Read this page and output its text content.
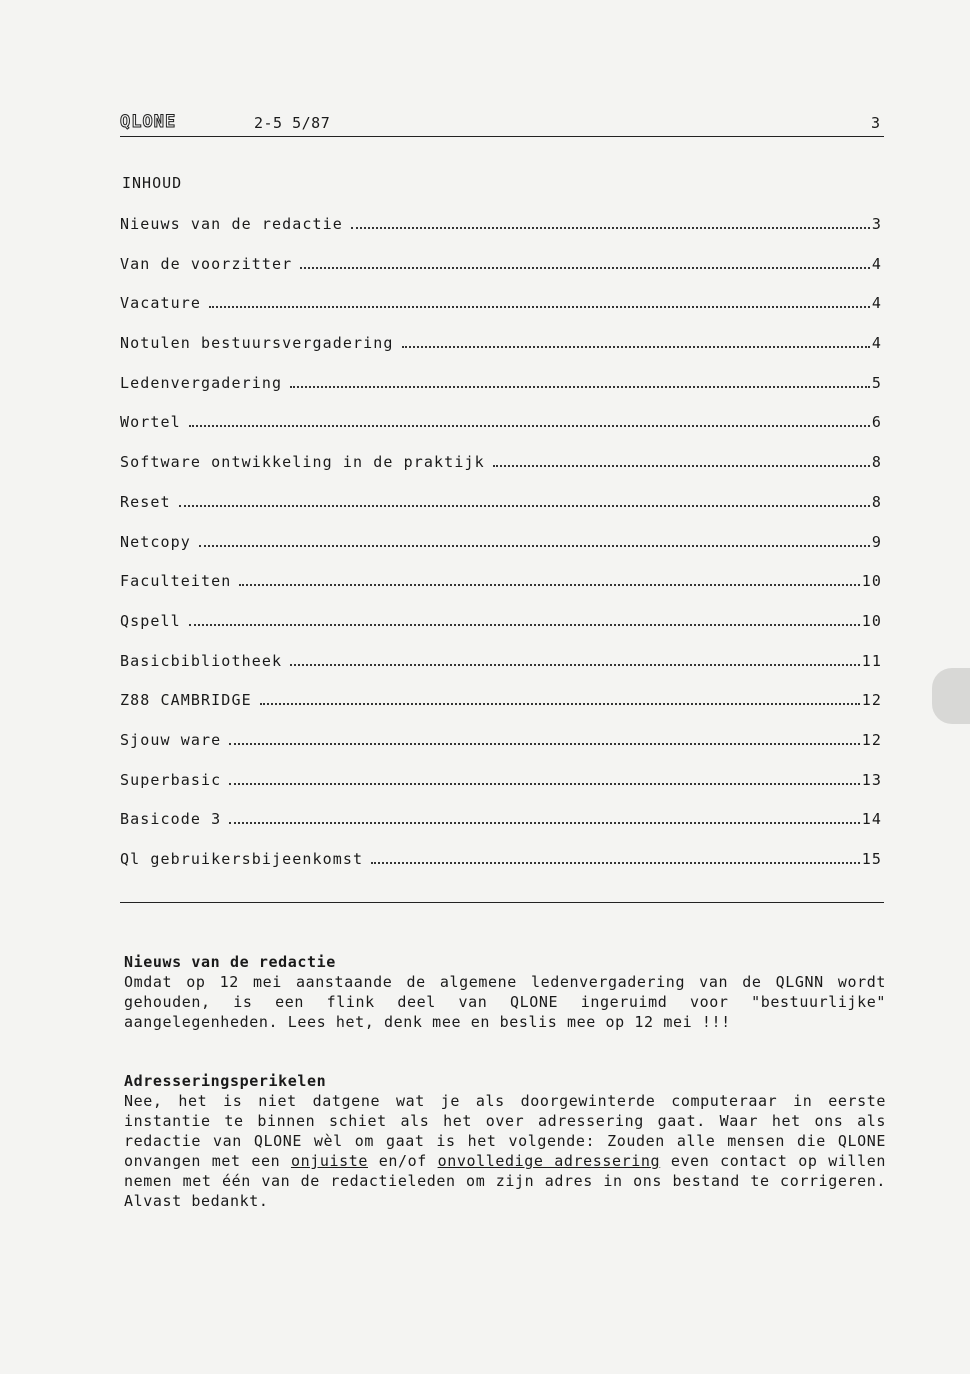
QLONE	2-5 5/87	3
INHOUD
Nieuws van de redactie	3
Van de voorzitter	4
Vacature	4
Notulen bestuursvergadering	4
Ledenvergadering	5
Wortel	6
Software ontwikkeling in de praktijk	8
Reset	8
Netcopy	9
Faculteiten	10
Qspell	10
Basicbibliotheek	11
Z88 CAMBRIDGE	12
Sjouw ware	12
Superbasic	13
Basicode 3	14
Ql gebruikersbijeenkomst	15
Nieuws van de redactie

Omdat op 12 mei aanstaande de algemene ledenvergadering van de QLGNN wordt gehouden, is een flink deel van QLONE ingeruimd voor "bestuurlijke" aangelegenheden. Lees het, denk mee en beslis mee op 12 mei !!!

Adresseringsperikelen

Nee, het is niet datgene wat je als doorgewinterde computeraar in eerste instantie te binnen schiet als het over adressering gaat. Waar het ons als redactie van QLONE wèl om gaat is het volgende: Zouden alle mensen die QLONE onvangen met een onjuiste en/of onvolledige adressering even contact op willen nemen met één van de redactieleden om zijn adres in ons bestand te corrigeren. Alvast bedankt.
